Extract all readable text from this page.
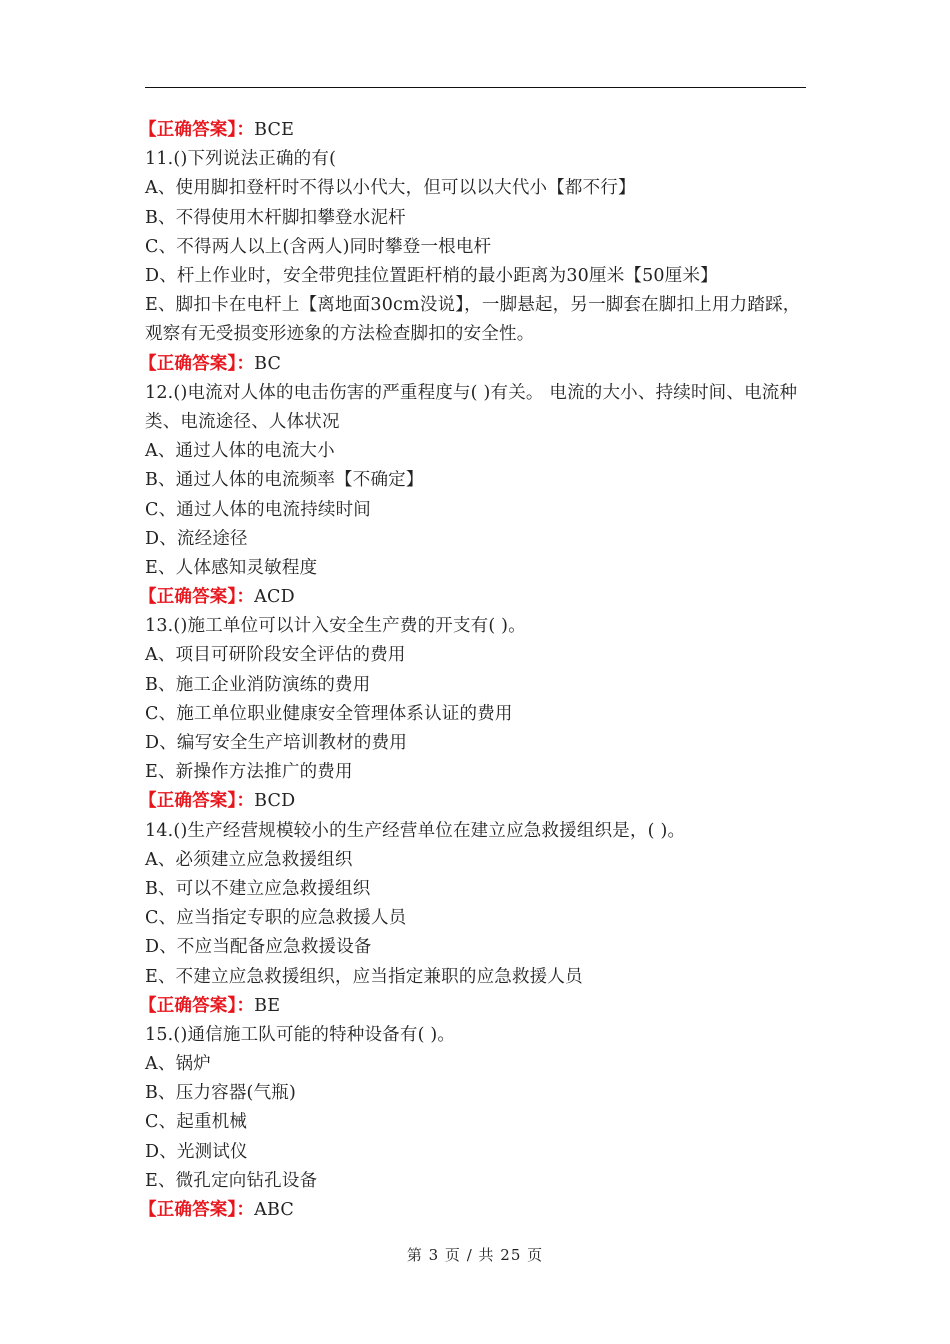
【正确答案】：BCE
11.()下列说法正确的有(
A、使用脚扣登杆时不得以小代大，但可以以大代小【都不行】
B、不得使用木杆脚扣攀登水泥杆
C、不得两人以上(含两人)同时攀登一根电杆
D、杆上作业时，安全带兜挂位置距杆梢的最小距离为30厘米【50厘米】
E、脚扣卡在电杆上【离地面30cm没说】，一脚悬起，另一脚套在脚扣上用力踏踩，观察有无受损变形迹象的方法检查脚扣的安全性。
【正确答案】：BC
12.()电流对人体的电击伤害的严重程度与( )有关。 电流的大小、持续时间、电流种类、电流途径、人体状况
A、通过人体的电流大小
B、通过人体的电流频率【不确定】
C、通过人体的电流持续时间
D、流经途径
E、人体感知灵敏程度
【正确答案】：ACD
13.()施工单位可以计入安全生产费的开支有( )。
A、项目可研阶段安全评估的费用
B、施工企业消防演练的费用
C、施工单位职业健康安全管理体系认证的费用
D、编写安全生产培训教材的费用
E、新操作方法推广的费用
【正确答案】：BCD
14.()生产经营规模较小的生产经营单位在建立应急救援组织是，( )。
A、必须建立应急救援组织
B、可以不建立应急救援组织
C、应当指定专职的应急救援人员
D、不应当配备应急救援设备
E、不建立应急救援组织，应当指定兼职的应急救援人员
【正确答案】：BE
15.()通信施工队可能的特种设备有( )。
A、锅炉
B、压力容器(气瓶)
C、起重机械
D、光测试仪
E、微孔定向钻孔设备
【正确答案】：ABC
第 3 页 / 共 25 页
